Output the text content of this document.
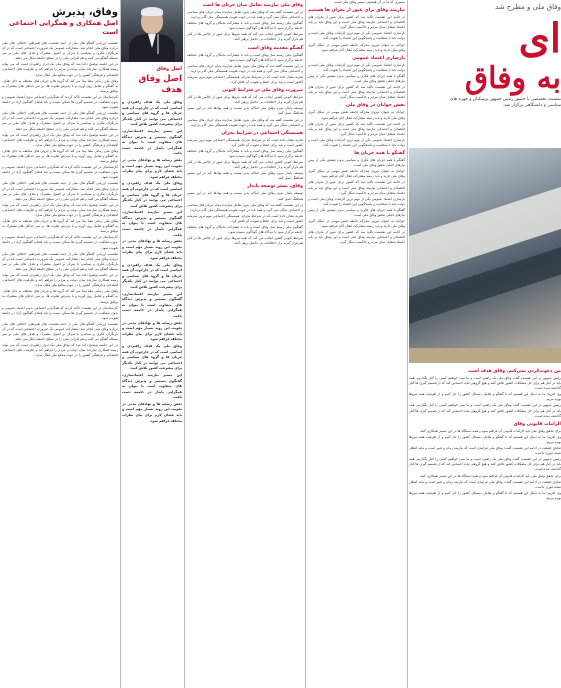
وفاق، پذیرش
اصل همکاری و همگرایی اجتماعی است

نشست ارزیابی گفتگو های ملی از جنبه نشست های همراهی، اختلاف های ملی درباره وفاق ملی انجام شد. مشارکت عمومی یک ضرورت اجتماعی است که در آن بازیگران فکری و سیاسی با تمرکز بر اصول مشترک و هدف های ملی بر سر مسئله گفتگو می کنند و هم افزایی ملی را در سطح جامعه شکل می دهند.

در این جلسه توضیح داده شد که وفاق ملی یک ابزار راهبردی است که می تواند زمینه همکاری سازنده میان دولت و مردم را فراهم کند و ظرفیت های اجتماعی، اقتصادی و فرهنگی کشور را در جهت منافع ملی فعال سازد.

وفاق ملی زمانی معنا پیدا می کند که گروه ها و جریان های مختلف به جای تقابل، به گفتگو و تعامل روی آورند و با پذیرش تفاوت ها، بر سر حداقل های مشترک به توافق برسند.

کارشناسان در این نشست تاکید کردند که همگرایی اجتماعی بدون اعتماد عمومی و بدون شفافیت در تصمیم گیری ها ممکن نیست و باید فضای گفتگوی آزاد در جامعه تقویت شود.

نشست ارزیابی گفتگو های ملی از جنبه نشست های همراهی، اختلاف های ملی درباره وفاق ملی انجام شد. مشارکت عمومی یک ضرورت اجتماعی است که در آن بازیگران فکری و سیاسی با تمرکز بر اصول مشترک و هدف های ملی بر سر مسئله گفتگو می کنند و هم افزایی ملی را در سطح جامعه شکل می دهند.

در این جلسه توضیح داده شد که وفاق ملی یک ابزار راهبردی است که می تواند زمینه همکاری سازنده میان دولت و مردم را فراهم کند و ظرفیت های اجتماعی، اقتصادی و فرهنگی کشور را در جهت منافع ملی فعال سازد.

وفاق ملی زمانی معنا پیدا می کند که گروه ها و جریان های مختلف به جای تقابل، به گفتگو و تعامل روی آورند و با پذیرش تفاوت ها، بر سر حداقل های مشترک به توافق برسند.

کارشناسان در این نشست تاکید کردند که همگرایی اجتماعی بدون اعتماد عمومی و بدون شفافیت در تصمیم گیری ها ممکن نیست و باید فضای گفتگوی آزاد در جامعه تقویت شود.

نشست ارزیابی گفتگو های ملی از جنبه نشست های همراهی، اختلاف های ملی درباره وفاق ملی انجام شد. مشارکت عمومی یک ضرورت اجتماعی است که در آن بازیگران فکری و سیاسی با تمرکز بر اصول مشترک و هدف های ملی بر سر مسئله گفتگو می کنند و هم افزایی ملی را در سطح جامعه شکل می دهند.

در این جلسه توضیح داده شد که وفاق ملی یک ابزار راهبردی است که می تواند زمینه همکاری سازنده میان دولت و مردم را فراهم کند و ظرفیت های اجتماعی، اقتصادی و فرهنگی کشور را در جهت منافع ملی فعال سازد.

وفاق ملی زمانی معنا پیدا می کند که گروه ها و جریان های مختلف به جای تقابل، به گفتگو و تعامل روی آورند و با پذیرش تفاوت ها، بر سر حداقل های مشترک به توافق برسند.

کارشناسان در این نشست تاکید کردند که همگرایی اجتماعی بدون اعتماد عمومی و بدون شفافیت در تصمیم گیری ها ممکن نیست و باید فضای گفتگوی آزاد در جامعه تقویت شود.

نشست ارزیابی گفتگو های ملی از جنبه نشست های همراهی، اختلاف های ملی درباره وفاق ملی انجام شد. مشارکت عمومی یک ضرورت اجتماعی است که در آن بازیگران فکری و سیاسی با تمرکز بر اصول مشترک و هدف های ملی بر سر مسئله گفتگو می کنند و هم افزایی ملی را در سطح جامعه شکل می دهند.

در این جلسه توضیح داده شد که وفاق ملی یک ابزار راهبردی است که می تواند زمینه همکاری سازنده میان دولت و مردم را فراهم کند و ظرفیت های اجتماعی، اقتصادی و فرهنگی کشور را در جهت منافع ملی فعال سازد.

وفاق ملی زمانی معنا پیدا می کند که گروه ها و جریان های مختلف به جای تقابل، به گفتگو و تعامل روی آورند و با پذیرش تفاوت ها، بر سر حداقل های مشترک به توافق برسند.

کارشناسان در این نشست تاکید کردند که همگرایی اجتماعی بدون اعتماد عمومی و بدون شفافیت در تصمیم گیری ها ممکن نیست و باید فضای گفتگوی آزاد در جامعه تقویت شود.

نشست ارزیابی گفتگو های ملی از جنبه نشست های همراهی، اختلاف های ملی درباره وفاق ملی انجام شد. مشارکت عمومی یک ضرورت اجتماعی است که در آن بازیگران فکری و سیاسی با تمرکز بر اصول مشترک و هدف های ملی بر سر مسئله گفتگو می کنند و هم افزایی ملی را در سطح جامعه شکل می دهند.

در این جلسه توضیح داده شد که وفاق ملی یک ابزار راهبردی است که می تواند زمینه همکاری سازنده میان دولت و مردم را فراهم کند و ظرفیت های اجتماعی، اقتصادی و فرهنگی کشور را در جهت منافع ملی فعال سازد.

اصل وفاق
اصل وفاق هدف

وفاق ملی یک هدف راهبردی و اساسی است که در چارچوب آن همه جریان ها و گروه های سیاسی و اجتماعی می توانند در کنار یکدیگر برای پیشرفت کشور تلاش کنند.

این مسیر نیازمند اعتمادسازی، گفتگوی مستمر و پذیرش دیدگاه های متفاوت است تا بتوان به همگرایی پایدار در جامعه دست یافت.

نقش رسانه ها و نهادهای مدنی در تقویت این روند بسیار مهم است و باید فضای لازم برای بیان نظرات مختلف فراهم شود.

وفاق ملی یک هدف راهبردی و اساسی است که در چارچوب آن همه جریان ها و گروه های سیاسی و اجتماعی می توانند در کنار یکدیگر برای پیشرفت کشور تلاش کنند.

این مسیر نیازمند اعتمادسازی، گفتگوی مستمر و پذیرش دیدگاه های متفاوت است تا بتوان به همگرایی پایدار در جامعه دست یافت.

نقش رسانه ها و نهادهای مدنی در تقویت این روند بسیار مهم است و باید فضای لازم برای بیان نظرات مختلف فراهم شود.

وفاق ملی یک هدف راهبردی و اساسی است که در چارچوب آن همه جریان ها و گروه های سیاسی و اجتماعی می توانند در کنار یکدیگر برای پیشرفت کشور تلاش کنند.

این مسیر نیازمند اعتمادسازی، گفتگوی مستمر و پذیرش دیدگاه های متفاوت است تا بتوان به همگرایی پایدار در جامعه دست یافت.

نقش رسانه ها و نهادهای مدنی در تقویت این روند بسیار مهم است و باید فضای لازم برای بیان نظرات مختلف فراهم شود.

وفاق ملی یک هدف راهبردی و اساسی است که در چارچوب آن همه جریان ها و گروه های سیاسی و اجتماعی می توانند در کنار یکدیگر برای پیشرفت کشور تلاش کنند.

این مسیر نیازمند اعتمادسازی، گفتگوی مستمر و پذیرش دیدگاه های متفاوت است تا بتوان به همگرایی پایدار در جامعه دست یافت.

نقش رسانه ها و نهادهای مدنی در تقویت این روند بسیار مهم است و باید فضای لازم برای بیان نظرات مختلف فراهم شود.

وفاق ملی نیازمند تعامل میان جریان ها است

در این نشست گفته شد که وفاق ملی بدون تعامل سازنده میان جریان های سیاسی و اجتماعی شکل نمی گیرد و همه باید در جهت تقویت همبستگی ملی گام بردارند.

گفتگوی ملی زمینه ساز وفاق است و باید با مشارکت نخبگان و گروه های مختلف جامعه برگزار شود تا دیدگاه های گوناگون شنیده شود.

شرایط کنونی کشور ایجاب می کند که همه نیروها برای عبور از چالش ها در کنار هم قرار گیرند و از اختلافات بی حاصل پرهیز کنند.

گفتگو مقدمه وفاق است

گفتگوی ملی زمینه ساز وفاق است و باید با مشارکت نخبگان و گروه های مختلف جامعه برگزار شود تا دیدگاه های گوناگون شنیده شود.

در این نشست گفته شد که وفاق ملی بدون تعامل سازنده میان جریان های سیاسی و اجتماعی شکل نمی گیرد و همه باید در جهت تقویت همبستگی ملی گام بردارند.

تجربه نشان داده است که در شرایط بحران، همبستگی اجتماعی مهم ترین سرمایه کشور است و باید برای حفظ و تقویت آن تلاش کرد.

ضرورت وفاق ملی در شرایط کنونی

شرایط کنونی کشور ایجاب می کند که همه نیروها برای عبور از چالش ها در کنار هم قرار گیرند و از اختلافات بی حاصل پرهیز کنند.

توسعه پایدار بدون وفاق ملی امکان پذیر نیست و همه نهادها باید در این مسیر هماهنگ عمل کنند.

در این نشست گفته شد که وفاق ملی بدون تعامل سازنده میان جریان های سیاسی و اجتماعی شکل نمی گیرد و همه باید در جهت تقویت همبستگی ملی گام بردارند.

همبستگی اجتماعی در شرایط بحران

تجربه نشان داده است که در شرایط بحران، همبستگی اجتماعی مهم ترین سرمایه کشور است و باید برای حفظ و تقویت آن تلاش کرد.

گفتگوی ملی زمینه ساز وفاق است و باید با مشارکت نخبگان و گروه های مختلف جامعه برگزار شود تا دیدگاه های گوناگون شنیده شود.

شرایط کنونی کشور ایجاب می کند که همه نیروها برای عبور از چالش ها در کنار هم قرار گیرند و از اختلافات بی حاصل پرهیز کنند.

توسعه پایدار بدون وفاق ملی امکان پذیر نیست و همه نهادها باید در این مسیر هماهنگ عمل کنند.

وفاق، بستر توسعه پایدار

توسعه پایدار بدون وفاق ملی امکان پذیر نیست و همه نهادها باید در این مسیر هماهنگ عمل کنند.

در این نشست گفته شد که وفاق ملی بدون تعامل سازنده میان جریان های سیاسی و اجتماعی شکل نمی گیرد و همه باید در جهت تقویت همبستگی ملی گام بردارند.

تجربه نشان داده است که در شرایط بحران، همبستگی اجتماعی مهم ترین سرمایه کشور است و باید برای حفظ و تقویت آن تلاش کرد.

گفتگوی ملی زمینه ساز وفاق است و باید با مشارکت نخبگان و گروه های مختلف جامعه برگزار شود تا دیدگاه های گوناگون شنیده شود.

شرایط کنونی کشور ایجاب می کند که همه نیروها برای عبور از چالش ها در کنار هم قرار گیرند و از اختلافات بی حاصل پرهیز کنند.

مسیری که ما در آن هستیم، مسیر وفاق ملی است

نیازمند وفاق برای عبور از بحران ها هستیم

در ادامه این نشست تاکید شد که کشور برای عبور از بحران های اقتصادی و اجتماعی نیازمند وفاق ملی است و این وفاق باید بر پایه اعتماد متقابل میان مردم و حاکمیت شکل گیرد.

بازسازی اعتماد عمومی یکی از مهم ترین الزامات وفاق ملی است و دولت باید با شفافیت و پاسخگویی این اعتماد را تقویت کند.

جوانان به عنوان نیروی محرکه جامعه نقش مهمی در شکل گیری وفاق ملی دارند و باید زمینه مشارکت فعال آنان فراهم شود.

بازسازی اعتماد عمومی

بازسازی اعتماد عمومی یکی از مهم ترین الزامات وفاق ملی است و دولت باید با شفافیت و پاسخگویی این اعتماد را تقویت کند.

گفتگو با همه جریان های فکری و سیاسی بدون تبعیض یکی از پیش نیازهای اصلی تحقق وفاق ملی است.

در ادامه این نشست تاکید شد که کشور برای عبور از بحران های اقتصادی و اجتماعی نیازمند وفاق ملی است و این وفاق باید بر پایه اعتماد متقابل میان مردم و حاکمیت شکل گیرد.

نقش جوانان در وفاق ملی

جوانان به عنوان نیروی محرکه جامعه نقش مهمی در شکل گیری وفاق ملی دارند و باید زمینه مشارکت فعال آنان فراهم شود.

در ادامه این نشست تاکید شد که کشور برای عبور از بحران های اقتصادی و اجتماعی نیازمند وفاق ملی است و این وفاق باید بر پایه اعتماد متقابل میان مردم و حاکمیت شکل گیرد.

بازسازی اعتماد عمومی یکی از مهم ترین الزامات وفاق ملی است و دولت باید با شفافیت و پاسخگویی این اعتماد را تقویت کند.

گفتگو با همه جریان ها

گفتگو با همه جریان های فکری و سیاسی بدون تبعیض یکی از پیش نیازهای اصلی تحقق وفاق ملی است.

جوانان به عنوان نیروی محرکه جامعه نقش مهمی در شکل گیری وفاق ملی دارند و باید زمینه مشارکت فعال آنان فراهم شود.

در ادامه این نشست تاکید شد که کشور برای عبور از بحران های اقتصادی و اجتماعی نیازمند وفاق ملی است و این وفاق باید بر پایه اعتماد متقابل میان مردم و حاکمیت شکل گیرد.

بازسازی اعتماد عمومی یکی از مهم ترین الزامات وفاق ملی است و دولت باید با شفافیت و پاسخگویی این اعتماد را تقویت کند.

گفتگو با همه جریان های فکری و سیاسی بدون تبعیض یکی از پیش نیازهای اصلی تحقق وفاق ملی است.

جوانان به عنوان نیروی محرکه جامعه نقش مهمی در شکل گیری وفاق ملی دارند و باید زمینه مشارکت فعال آنان فراهم شود.

در ادامه این نشست تاکید شد که کشور برای عبور از بحران های اقتصادی و اجتماعی نیازمند وفاق ملی است و این وفاق باید بر پایه اعتماد متقابل میان مردم و حاکمیت شکل گیرد.

وفاق ملی و مطرح شد
ای
به وفاق
نشست تخصصی با حضور رئیس جمهور پزشکیان و چهره های سیاسی و دانشگاهی برگزار شد.
من دعوت‌کردن نمی‌کنم، وفاق هدف است

رئیس جمهور در این نشست گفت وفاق ملی یک راهبرد است و ما نمی خواهیم کسی را کنار بگذاریم. همه باید در کنار هم برای حل مشکلات کشور تلاش کنند و هیچ گروهی نباید احساس کند که از تصمیم گیری ها کنار گذاشته شده است.

وی افزود: ما به دنبال این هستیم که با گفتگو و تعامل، مسائل کشور را حل کنیم و از ظرفیت همه نیروها بهره ببریم.

رئیس جمهور در این نشست گفت وفاق ملی یک راهبرد است و ما نمی خواهیم کسی را کنار بگذاریم. همه باید در کنار هم برای حل مشکلات کشور تلاش کنند و هیچ گروهی نباید احساس کند که از تصمیم گیری ها کنار گذاشته شده است.

الزامات قانونی وفاق

برای تحقق وفاق ملی باید الزامات قانونی آن فراهم شود و همه دستگاه ها در این مسیر همکاری کنند.

وی افزود: ما به دنبال این هستیم که با گفتگو و تعامل، مسائل کشور را حل کنیم و از ظرفیت همه نیروها بهره ببریم.

صادق حقیقت در ادامه این نشست گفت: وفاق ملی فرایندی است که نیازمند زمان و صبر است و نباید انتظار نتیجه فوری داشت.

رئیس جمهور در این نشست گفت وفاق ملی یک راهبرد است و ما نمی خواهیم کسی را کنار بگذاریم. همه باید در کنار هم برای حل مشکلات کشور تلاش کنند و هیچ گروهی نباید احساس کند که از تصمیم گیری ها کنار گذاشته شده است.

برای تحقق وفاق ملی باید الزامات قانونی آن فراهم شود و همه دستگاه ها در این مسیر همکاری کنند.

صادق حقیقت در ادامه این نشست گفت: وفاق ملی فرایندی است که نیازمند زمان و صبر است و نباید انتظار نتیجه فوری داشت.

وی افزود: ما به دنبال این هستیم که با گفتگو و تعامل، مسائل کشور را حل کنیم و از ظرفیت همه نیروها بهره ببریم.
